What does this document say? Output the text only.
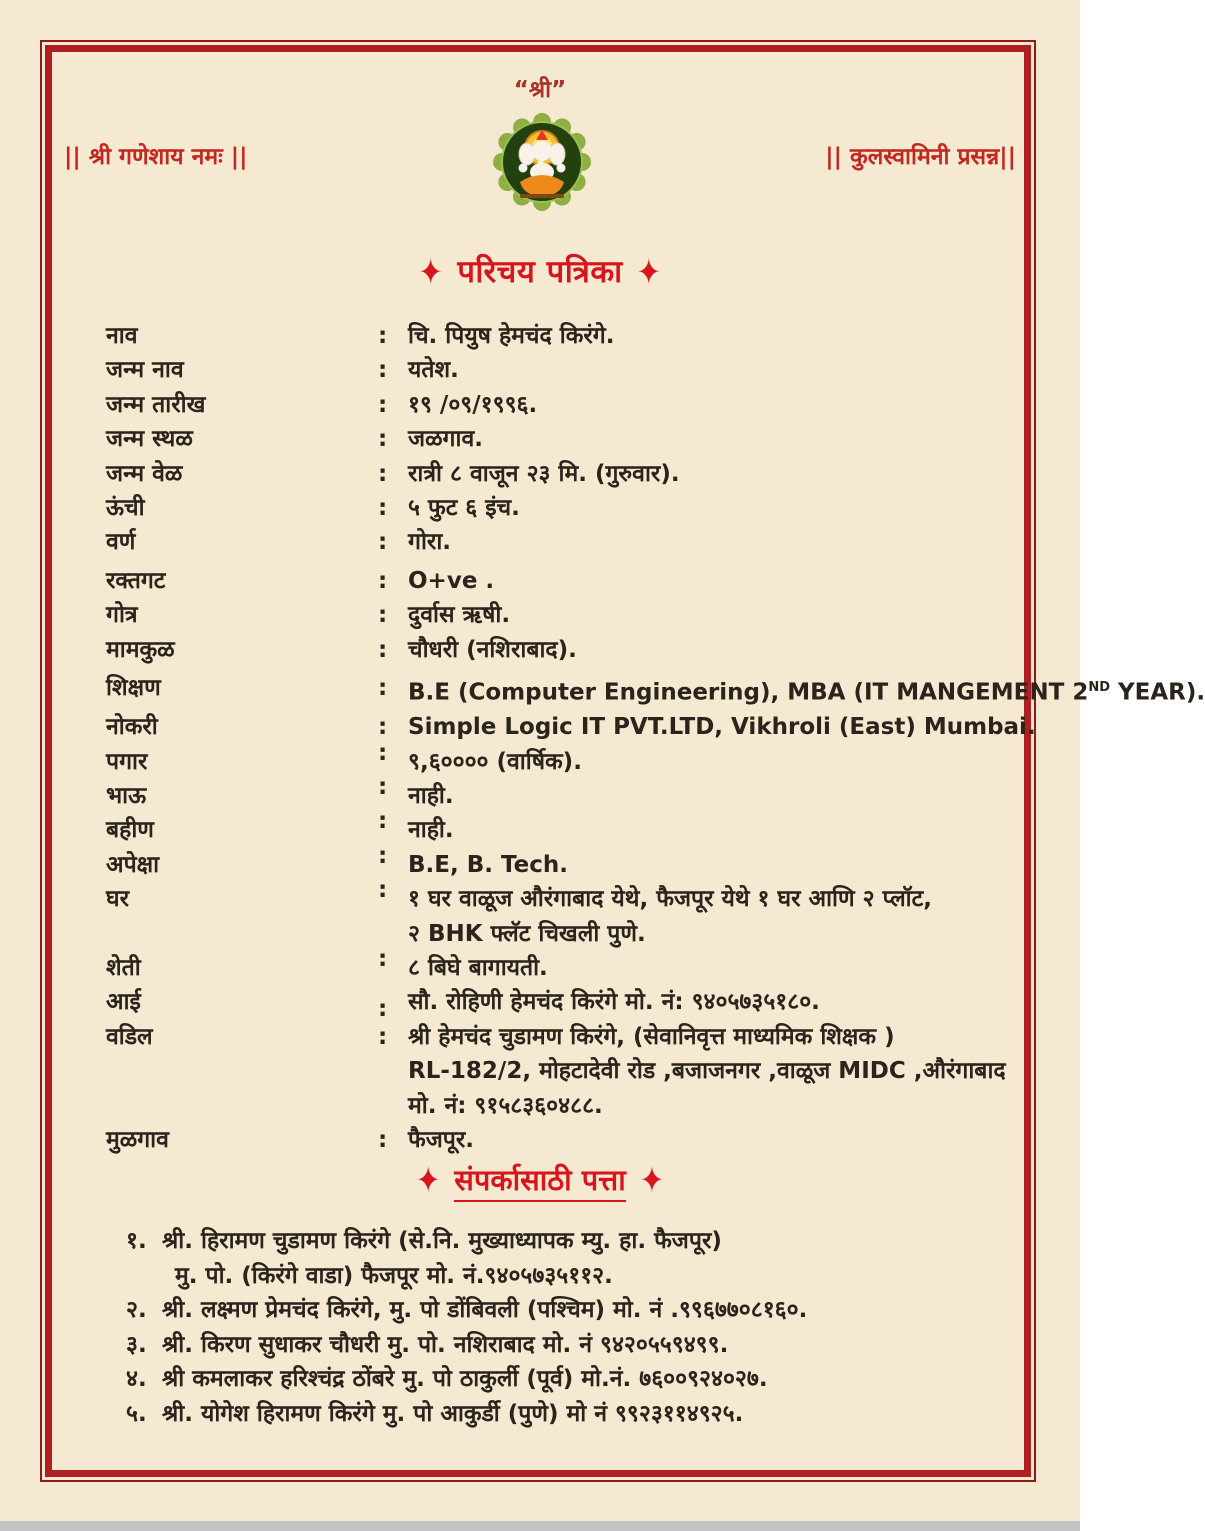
“श्री”
|| श्री गणेशाय नमः ||	|| कुलस्वामिनी प्रसन्न||
✦ परिचय पत्रिका ✦
नाव	: चि. पियुष हेमचंद किरंगे.
जन्म नाव	: यतेश.
जन्म तारीख	: १९ /०९/१९९६.
जन्म स्थळ	: जळगाव.
जन्म वेळ	: रात्री ८ वाजून २३ मि. (गुरुवार).
ऊंची	: ५ फुट ६ इंच.
वर्ण	: गोरा.
रक्तगट	: O+ve .
गोत्र	: दुर्वास ऋषी.
मामकुळ	: चौधरी (नशिराबाद).
शिक्षण	: B.E (Computer Engineering), MBA (IT MANGEMENT 2ND YEAR).
नोकरी	: Simple Logic IT PVT.LTD, Vikhroli (East) Mumbai.
पगार	: ९,६०००० (वार्षिक).
भाऊ	: नाही.
बहीण	: नाही.
अपेक्षा	: B.E, B. Tech.
घर	: १ घर वाळूज औरंगाबाद येथे, फैजपूर येथे १ घर आणि २ प्लॉट,
२ BHK फ्लॅट चिखली पुणे.
शेती	: ८ बिघे बागायती.
आई	: सौ. रोहिणी हेमचंद किरंगे मो. नं: ९४०५७३५१८०.
वडिल	: श्री हेमचंद चुडामण किरंगे, (सेवानिवृत्त माध्यमिक शिक्षक )
RL-182/2, मोहटादेवी रोड ,बजाजनगर ,वाळूज MIDC ,औरंगाबाद
मो. नं: ९१५८३६०४८८.
मुळगाव	: फैजपूर.
✦ संपर्कासाठी पत्ता ✦
१. श्री. हिरामण चुडामण किरंगे (से.नि. मुख्याध्यापक म्यु. हा. फैजपूर)
मु. पो. (किरंगे वाडा) फैजपूर मो. नं.९४०५७३५११२.
२. श्री. लक्ष्मण प्रेमचंद किरंगे, मु. पो डोंबिवली (पश्चिम) मो. नं .९९६७७०८१६०.
३. श्री. किरण सुधाकर चौधरी मु. पो. नशिराबाद मो. नं ९४२०५५९४९९.
४. श्री कमलाकर हरिश्चंद्र ठोंबरे मु. पो ठाकुर्ली (पूर्व) मो.नं. ७६००९२४०२७.
५. श्री. योगेश हिरामण किरंगे मु. पो आकुर्डी (पुणे) मो नं ९९२३११४९२५.
